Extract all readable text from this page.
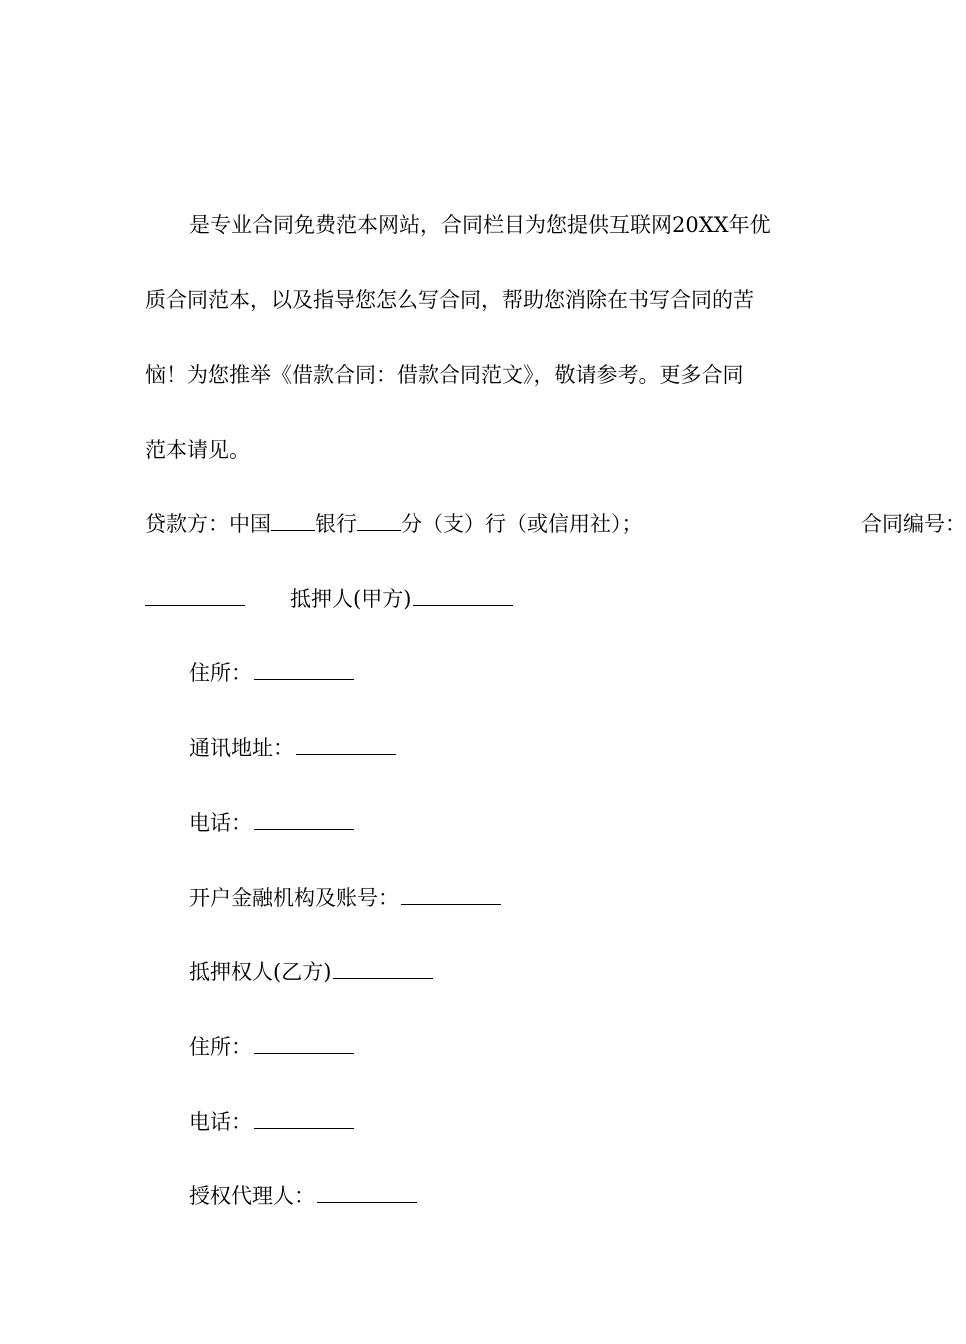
是专业合同免费范本网站，合同栏目为您提供互联网20XX年优
质合同范本，以及指导您怎么写合同，帮助您消除在书写合同的苦
恼！为您推举《借款合同：借款合同范文》，敬请参考。更多合同
范本请见。
贷款方：中国 银行 分（支）行（或信用社）；	合同编号：
抵押人(甲方)
住所：
通讯地址：
电话：
开户金融机构及账号：
抵押权人(乙方)
住所：
电话：
授权代理人：
